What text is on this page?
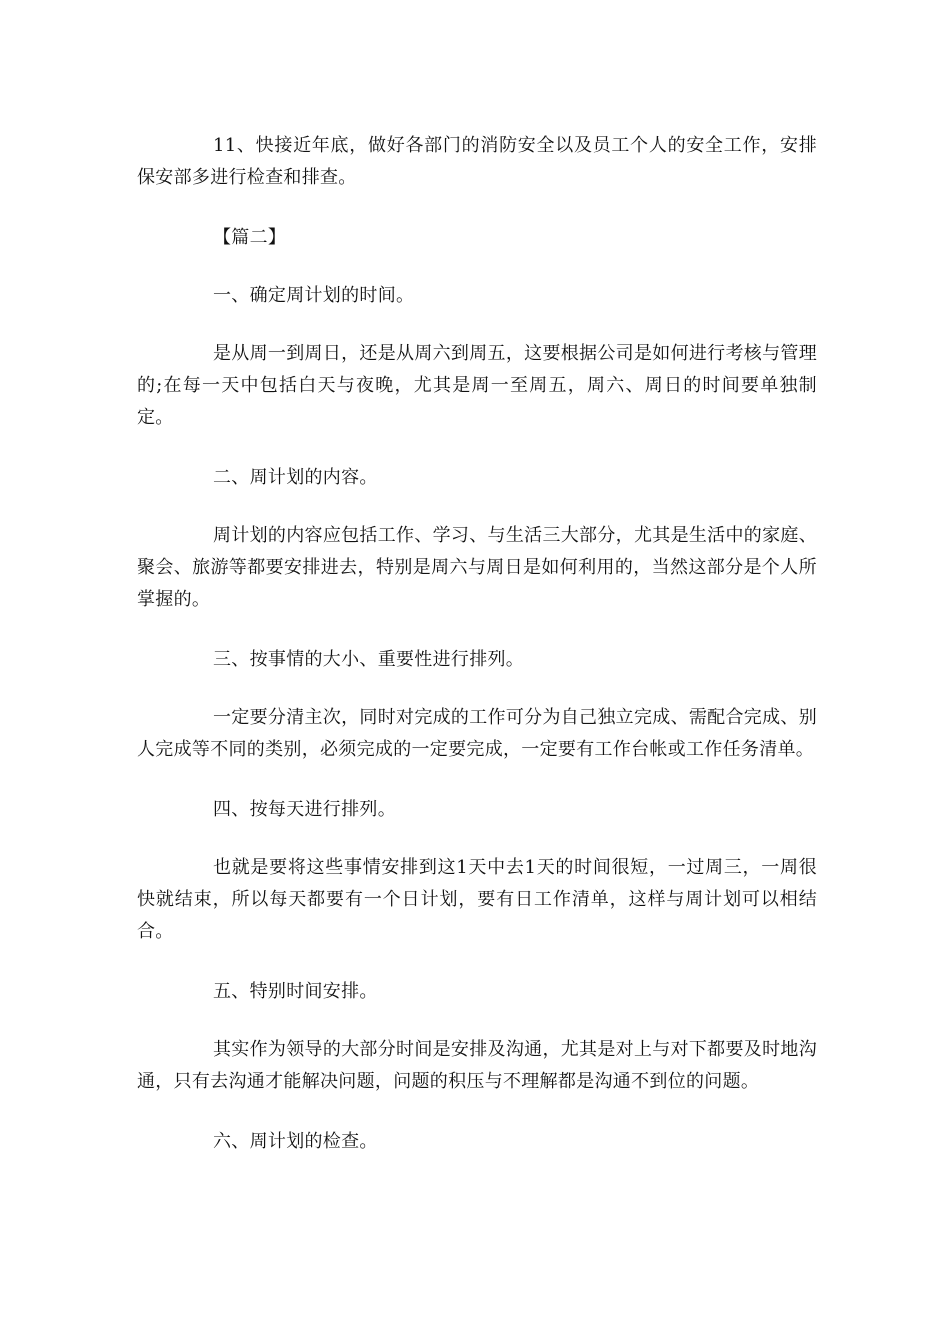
11、快接近年底，做好各部门的消防安全以及员工个人的安全工作，安排保安部多进行检查和排查。

【篇二】

一、确定周计划的时间。

是从周一到周日，还是从周六到周五，这要根据公司是如何进行考核与管理的;在每一天中包括白天与夜晚，尤其是周一至周五，周六、周日的时间要单独制定。

二、周计划的内容。

周计划的内容应包括工作、学习、与生活三大部分，尤其是生活中的家庭、聚会、旅游等都要安排进去，特别是周六与周日是如何利用的，当然这部分是个人所掌握的。

三、按事情的大小、重要性进行排列。

一定要分清主次，同时对完成的工作可分为自己独立完成、需配合完成、别人完成等不同的类别，必须完成的一定要完成，一定要有工作台帐或工作任务清单。

四、按每天进行排列。

也就是要将这些事情安排到这1天中去1天的时间很短，一过周三，一周很快就结束，所以每天都要有一个日计划，要有日工作清单，这样与周计划可以相结合。

五、特别时间安排。

其实作为领导的大部分时间是安排及沟通，尤其是对上与对下都要及时地沟通，只有去沟通才能解决问题，问题的积压与不理解都是沟通不到位的问题。

六、周计划的检查。
